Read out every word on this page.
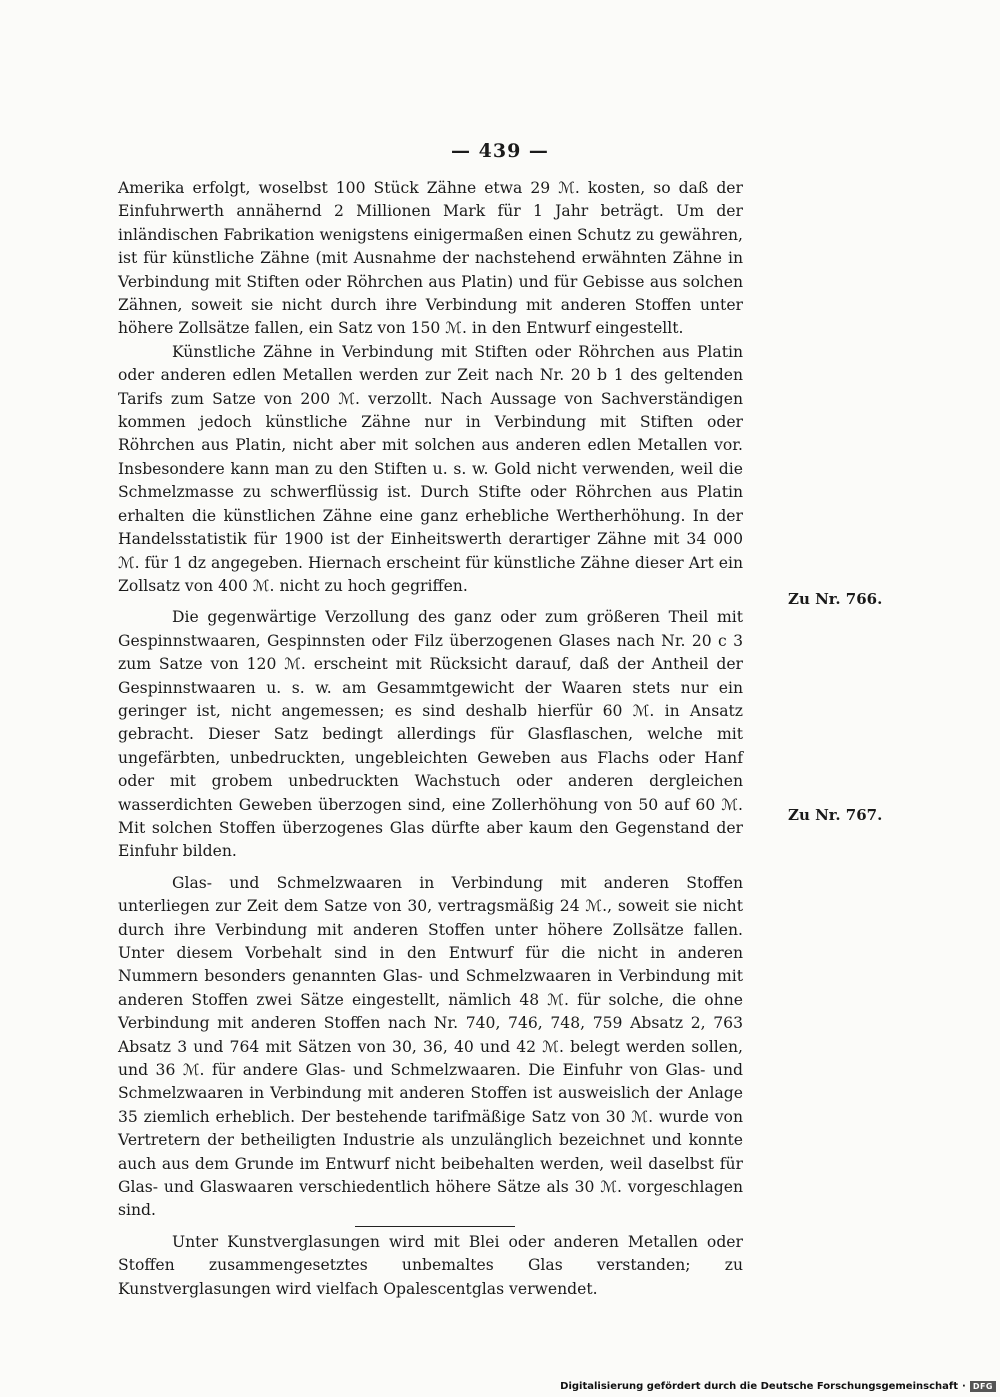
— 439 —

Amerika erfolgt, woselbst 100 Stück Zähne etwa 29 ℳ. kosten, so daß der Einfuhrwerth annähernd 2 Millionen Mark für 1 Jahr beträgt. Um der inländischen Fabrikation wenigstens einigermaßen einen Schutz zu gewähren, ist für künstliche Zähne (mit Ausnahme der nachstehend erwähnten Zähne in Verbindung mit Stiften oder Röhrchen aus Platin) und für Gebisse aus solchen Zähnen, soweit sie nicht durch ihre Verbindung mit anderen Stoffen unter höhere Zollsätze fallen, ein Satz von 150 ℳ. in den Entwurf eingestellt.

Künstliche Zähne in Verbindung mit Stiften oder Röhrchen aus Platin oder anderen edlen Metallen werden zur Zeit nach Nr. 20 b 1 des geltenden Tarifs zum Satze von 200 ℳ. verzollt. Nach Aussage von Sachverständigen kommen jedoch künstliche Zähne nur in Verbindung mit Stiften oder Röhrchen aus Platin, nicht aber mit solchen aus anderen edlen Metallen vor. Insbesondere kann man zu den Stiften u. s. w. Gold nicht verwenden, weil die Schmelzmasse zu schwerflüssig ist. Durch Stifte oder Röhrchen aus Platin erhalten die künstlichen Zähne eine ganz erhebliche Wertherhöhung. In der Handelsstatistik für 1900 ist der Einheitswerth derartiger Zähne mit 34 000 ℳ. für 1 dz angegeben. Hiernach erscheint für künstliche Zähne dieser Art ein Zollsatz von 400 ℳ. nicht zu hoch gegriffen.

Die gegenwärtige Verzollung des ganz oder zum größeren Theil mit Gespinnstwaaren, Gespinnsten oder Filz überzogenen Glases nach Nr. 20 c 3 zum Satze von 120 ℳ. erscheint mit Rücksicht darauf, daß der Antheil der Gespinnstwaaren u. s. w. am Gesammtgewicht der Waaren stets nur ein geringer ist, nicht angemessen; es sind deshalb hierfür 60 ℳ. in Ansatz gebracht. Dieser Satz bedingt allerdings für Glasflaschen, welche mit ungefärbten, unbedruckten, ungebleichten Geweben aus Flachs oder Hanf oder mit grobem unbedruckten Wachstuch oder anderen dergleichen wasserdichten Geweben überzogen sind, eine Zollerhöhung von 50 auf 60 ℳ. Mit solchen Stoffen überzogenes Glas dürfte aber kaum den Gegenstand der Einfuhr bilden.

Glas- und Schmelzwaaren in Verbindung mit anderen Stoffen unterliegen zur Zeit dem Satze von 30, vertragsmäßig 24 ℳ., soweit sie nicht durch ihre Verbindung mit anderen Stoffen unter höhere Zollsätze fallen. Unter diesem Vorbehalt sind in den Entwurf für die nicht in anderen Nummern besonders genannten Glas- und Schmelzwaaren in Verbindung mit anderen Stoffen zwei Sätze eingestellt, nämlich 48 ℳ. für solche, die ohne Verbindung mit anderen Stoffen nach Nr. 740, 746, 748, 759 Absatz 2, 763 Absatz 3 und 764 mit Sätzen von 30, 36, 40 und 42 ℳ. belegt werden sollen, und 36 ℳ. für andere Glas- und Schmelzwaaren. Die Einfuhr von Glas- und Schmelzwaaren in Verbindung mit anderen Stoffen ist ausweislich der Anlage 35 ziemlich erheblich. Der bestehende tarifmäßige Satz von 30 ℳ. wurde von Vertretern der betheiligten Industrie als unzulänglich bezeichnet und konnte auch aus dem Grunde im Entwurf nicht beibehalten werden, weil daselbst für Glas- und Glaswaaren verschiedentlich höhere Sätze als 30 ℳ. vorgeschlagen sind.

Unter Kunstverglasungen wird mit Blei oder anderen Metallen oder Stoffen zusammengesetztes unbemaltes Glas verstanden; zu Kunstverglasungen wird vielfach Opalescentglas verwendet.

Zu Nr. 766.
Zu Nr. 767.
Digitalisierung gefördert durch die Deutsche Forschungsgemeinschaft · DFG
